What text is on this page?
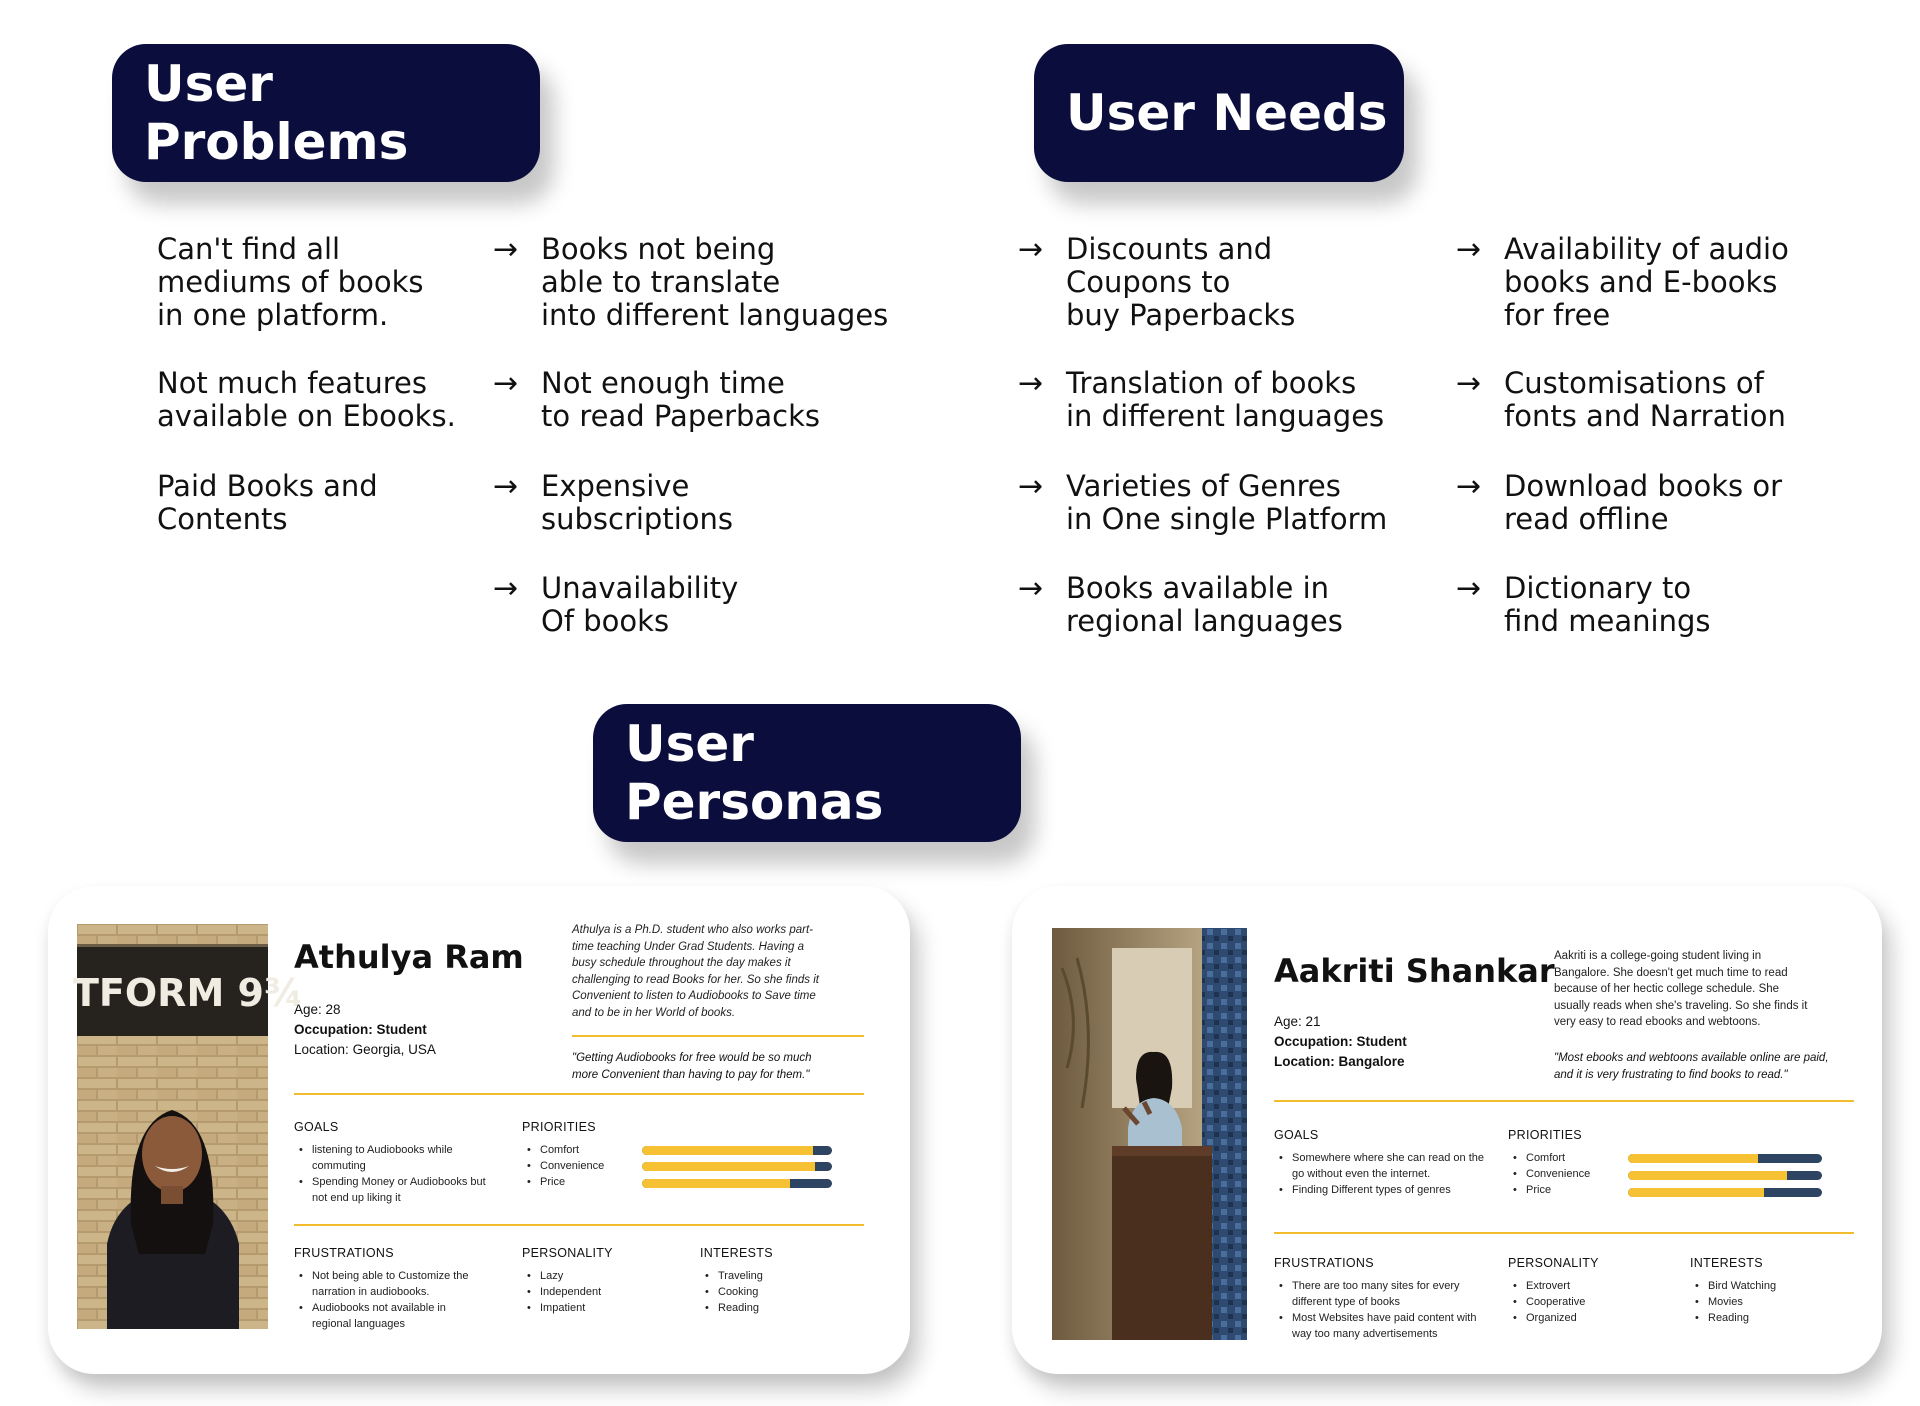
User Problems	User Needs
User Personas
Can't find all
mediums of books
in one platform.
Not much features
available on Ebooks.
Paid Books and
Contents
→ Books not being
able to translate
into different languages
→ Not enough time
to read Paperbacks
→ Expensive
subscriptions
→ Unavailability
Of books
→ Discounts and
Coupons to
buy Paperbacks
→ Translation of books
in different languages
→ Varieties of Genres
in One single Platform
→ Books available in
regional languages
→ Availability of audio
books and E-books
for free
→ Customisations of
fonts and Narration
→ Download books or
read offline
→ Dictionary to
find meanings
TFORM 9¾
Athulya Ram
Age: 28
Occupation: Student
Location: Georgia, USA
Athulya is a Ph.D. student who also works part-
time teaching Under Grad Students. Having a
busy schedule throughout the day makes it
challenging to read Books for her. So she finds it
Convenient to listen to Audiobooks to Save time
and to be in her World of books.
"Getting Audiobooks for free would be so much
more Convenient than having to pay for them."
GOALS
• listening to Audiobooks while commuting
• Spending Money or Audiobooks but not end up liking it
PRIORITIES
• Comfort
• Convenience
• Price
FRUSTRATIONS
• Not being able to Customize the narration in audiobooks.
• Audiobooks not available in regional languages
PERSONALITY
• Lazy
• Independent
• Impatient
INTERESTS
• Traveling
• Cooking
• Reading
Aakriti Shankar
Age: 21
Occupation: Student
Location: Bangalore
Aakriti is a college-going student living in
Bangalore. She doesn't get much time to read
because of her hectic college schedule. She
usually reads when she's traveling. So she finds it
very easy to read ebooks and webtoons.
"Most ebooks and webtoons available online are paid,
and it is very frustrating to find books to read."
GOALS
• Somewhere where she can read on the go without even the internet.
• Finding Different types of genres
PRIORITIES
• Comfort
• Convenience
• Price
FRUSTRATIONS
• There are too many sites for every different type of books
• Most Websites have paid content with way too many advertisements
PERSONALITY
• Extrovert
• Cooperative
• Organized
INTERESTS
• Bird Watching
• Movies
• Reading
